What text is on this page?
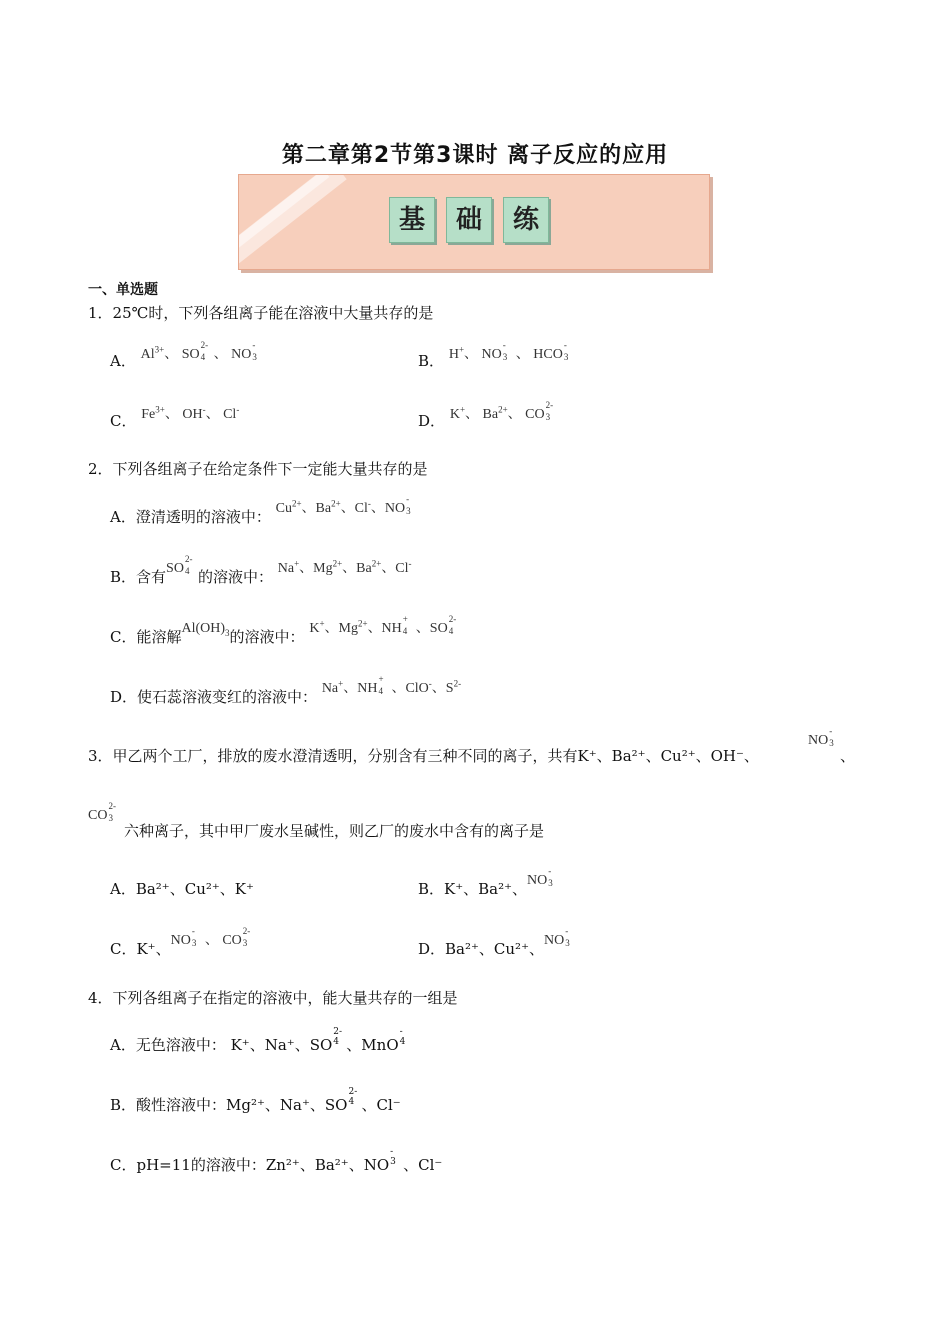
第二章第2节第3课时 离子反应的应用
基	础	练
一、单选题
1．25℃时，下列各组离子能在溶液中大量共存的是
A． $Al^{3+}$、 SO
2-
4 、 NO
-
3	B． H+、 NO
-
3 、 HCO
-
3
C． $Fe^{3+}$、 OH-、 Cl-
D． K+、 $Ba^{2+}$、 CO
2-
3
2．下列各组离子在给定条件下一定能大量共存的是
A．澄清透明的溶液中： $Cu^{2+}$、$Ba^{2+}$、Cl-、NO
-
3
B．含有SO
2-
4 的溶液中： Na+、$Mg^{2+}$、$Ba^{2+}$、Cl-
C．能溶解$Al(OH)_3$的溶液中： K+、$Mg^{2+}$、NH
+
4 、SO
2-
4
D．使石蕊溶液变红的溶液中： Na+、NH
+
4 、ClO-、$S^{2-}$
3．甲乙两个工厂，排放的废水澄清透明，分别含有三种不同的离子，共有K⁺、Ba²⁺、Cu²⁺、OH⁻、
NO
-
3
、
CO
2-
3
六种离子，其中甲厂废水呈碱性，则乙厂的废水中含有的离子是
A．Ba²⁺、Cu²⁺、K⁺	B．K⁺、Ba²⁺、NO
-
3
C．K⁺、NO
-
3 、 CO
2-
3	D．Ba²⁺、Cu²⁺、NO
-
3
4．下列各组离子在指定的溶液中，能大量共存的一组是
A．无色溶液中： K⁺、Na⁺、SO
2-
4 、MnO
-
4
B．酸性溶液中：Mg²⁺、Na⁺、SO
2-
4 、Cl⁻
C．pH=11的溶液中：Zn²⁺、Ba²⁺、NO
-
3 、Cl⁻
